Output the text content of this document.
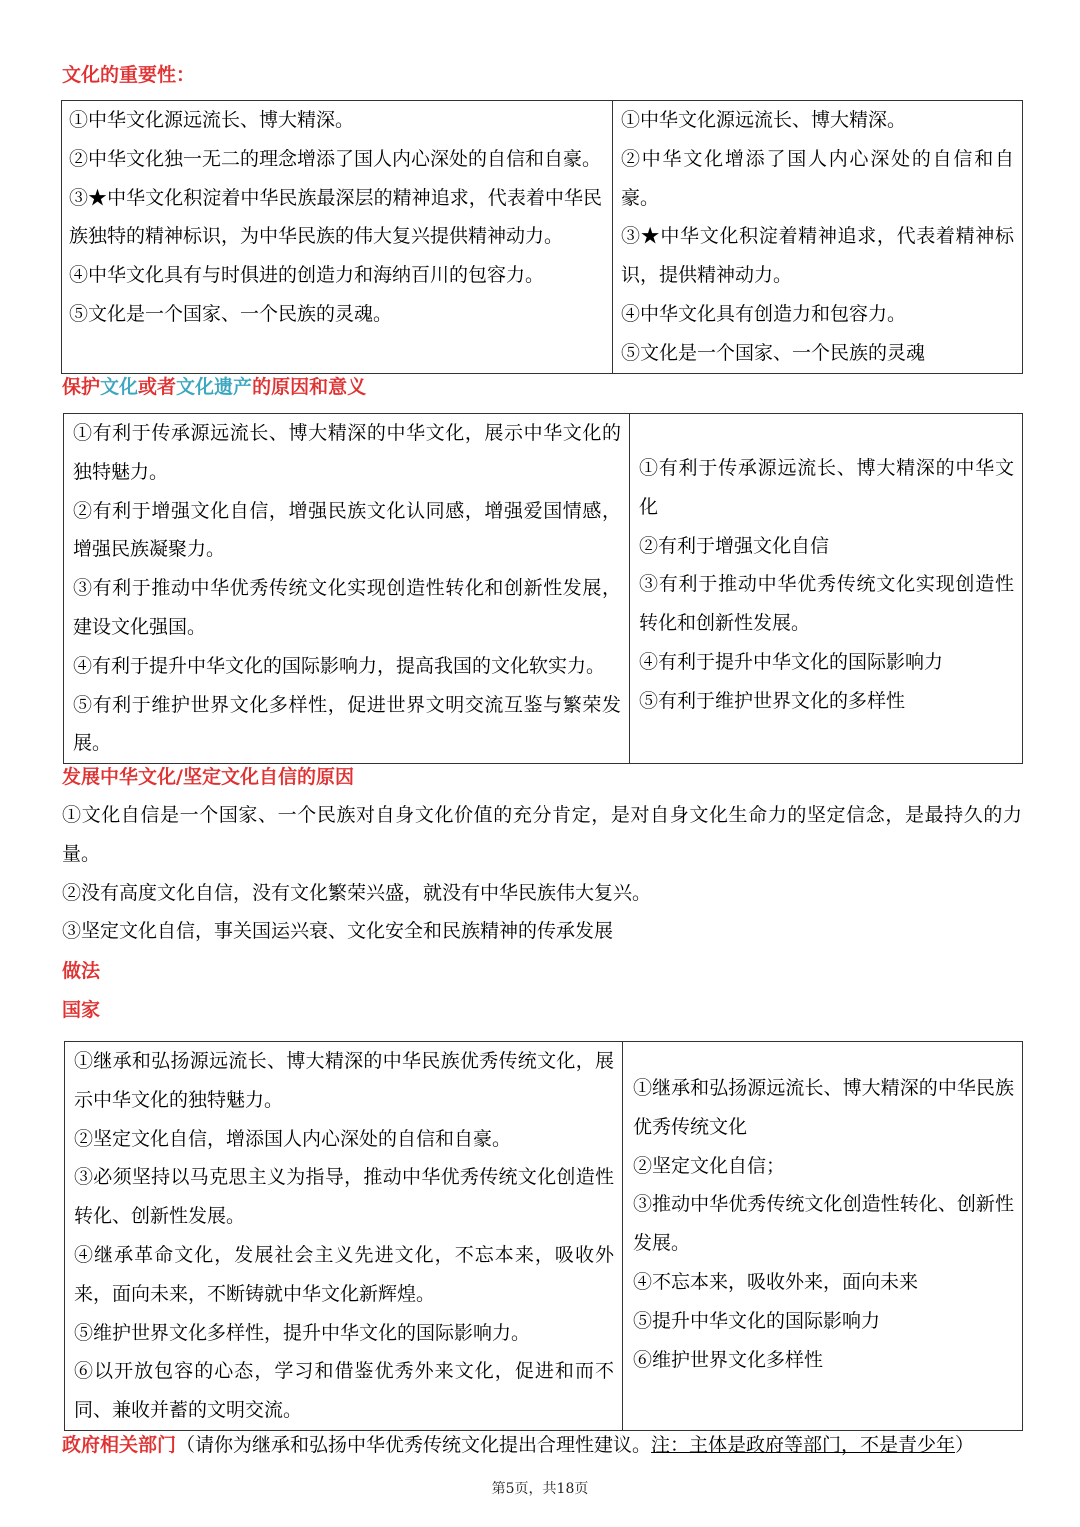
文化的重要性：
①中华文化源远流长、博大精深。
②中华文化独一无二的理念增添了国人内心深处的自信和自豪。
③★中华文化积淀着中华民族最深层的精神追求，代表着中华民族独特的精神标识，为中华民族的伟大复兴提供精神动力。
④中华文化具有与时俱进的创造力和海纳百川的包容力。
⑤文化是一个国家、一个民族的灵魂。

①中华文化源远流长、博大精深。
②中华文化增添了国人内心深处的自信和自豪。
③★中华文化积淀着精神追求，代表着精神标识，提供精神动力。
④中华文化具有创造力和包容力。
⑤文化是一个国家、一个民族的灵魂
保护文化或者文化遗产的原因和意义
①有利于传承源远流长、博大精深的中华文化，展示中华文化的独特魅力。
②有利于增强文化自信，增强民族文化认同感，增强爱国情感，增强民族凝聚力。
③有利于推动中华优秀传统文化实现创造性转化和创新性发展，建设文化强国。
④有利于提升中华文化的国际影响力，提高我国的文化软实力。
⑤有利于维护世界文化多样性，促进世界文明交流互鉴与繁荣发展。

①有利于传承源远流长、博大精深的中华文化
②有利于增强文化自信
③有利于推动中华优秀传统文化实现创造性转化和创新性发展。
④有利于提升中华文化的国际影响力
⑤有利于维护世界文化的多样性
发展中华文化/坚定文化自信的原因
①文化自信是一个国家、一个民族对自身文化价值的充分肯定，是对自身文化生命力的坚定信念，是最持久的力量。
②没有高度文化自信，没有文化繁荣兴盛，就没有中华民族伟大复兴。
③坚定文化自信，事关国运兴衰、文化安全和民族精神的传承发展
做法
国家
①继承和弘扬源远流长、博大精深的中华民族优秀传统文化，展示中华文化的独特魅力。
②坚定文化自信，增添国人内心深处的自信和自豪。
③必须坚持以马克思主义为指导，推动中华优秀传统文化创造性转化、创新性发展。
④继承革命文化，发展社会主义先进文化，不忘本来，吸收外来，面向未来，不断铸就中华文化新辉煌。
⑤维护世界文化多样性，提升中华文化的国际影响力。
⑥以开放包容的心态，学习和借鉴优秀外来文化，促进和而不同、兼收并蓄的文明交流。

①继承和弘扬源远流长、博大精深的中华民族优秀传统文化
②坚定文化自信；
③推动中华优秀传统文化创造性转化、创新性发展。
④不忘本来，吸收外来，面向未来
⑤提升中华文化的国际影响力
⑥维护世界文化多样性
政府相关部门（请你为继承和弘扬中华优秀传统文化提出合理性建议。注：主体是政府等部门，不是青少年）
第5页，共18页
